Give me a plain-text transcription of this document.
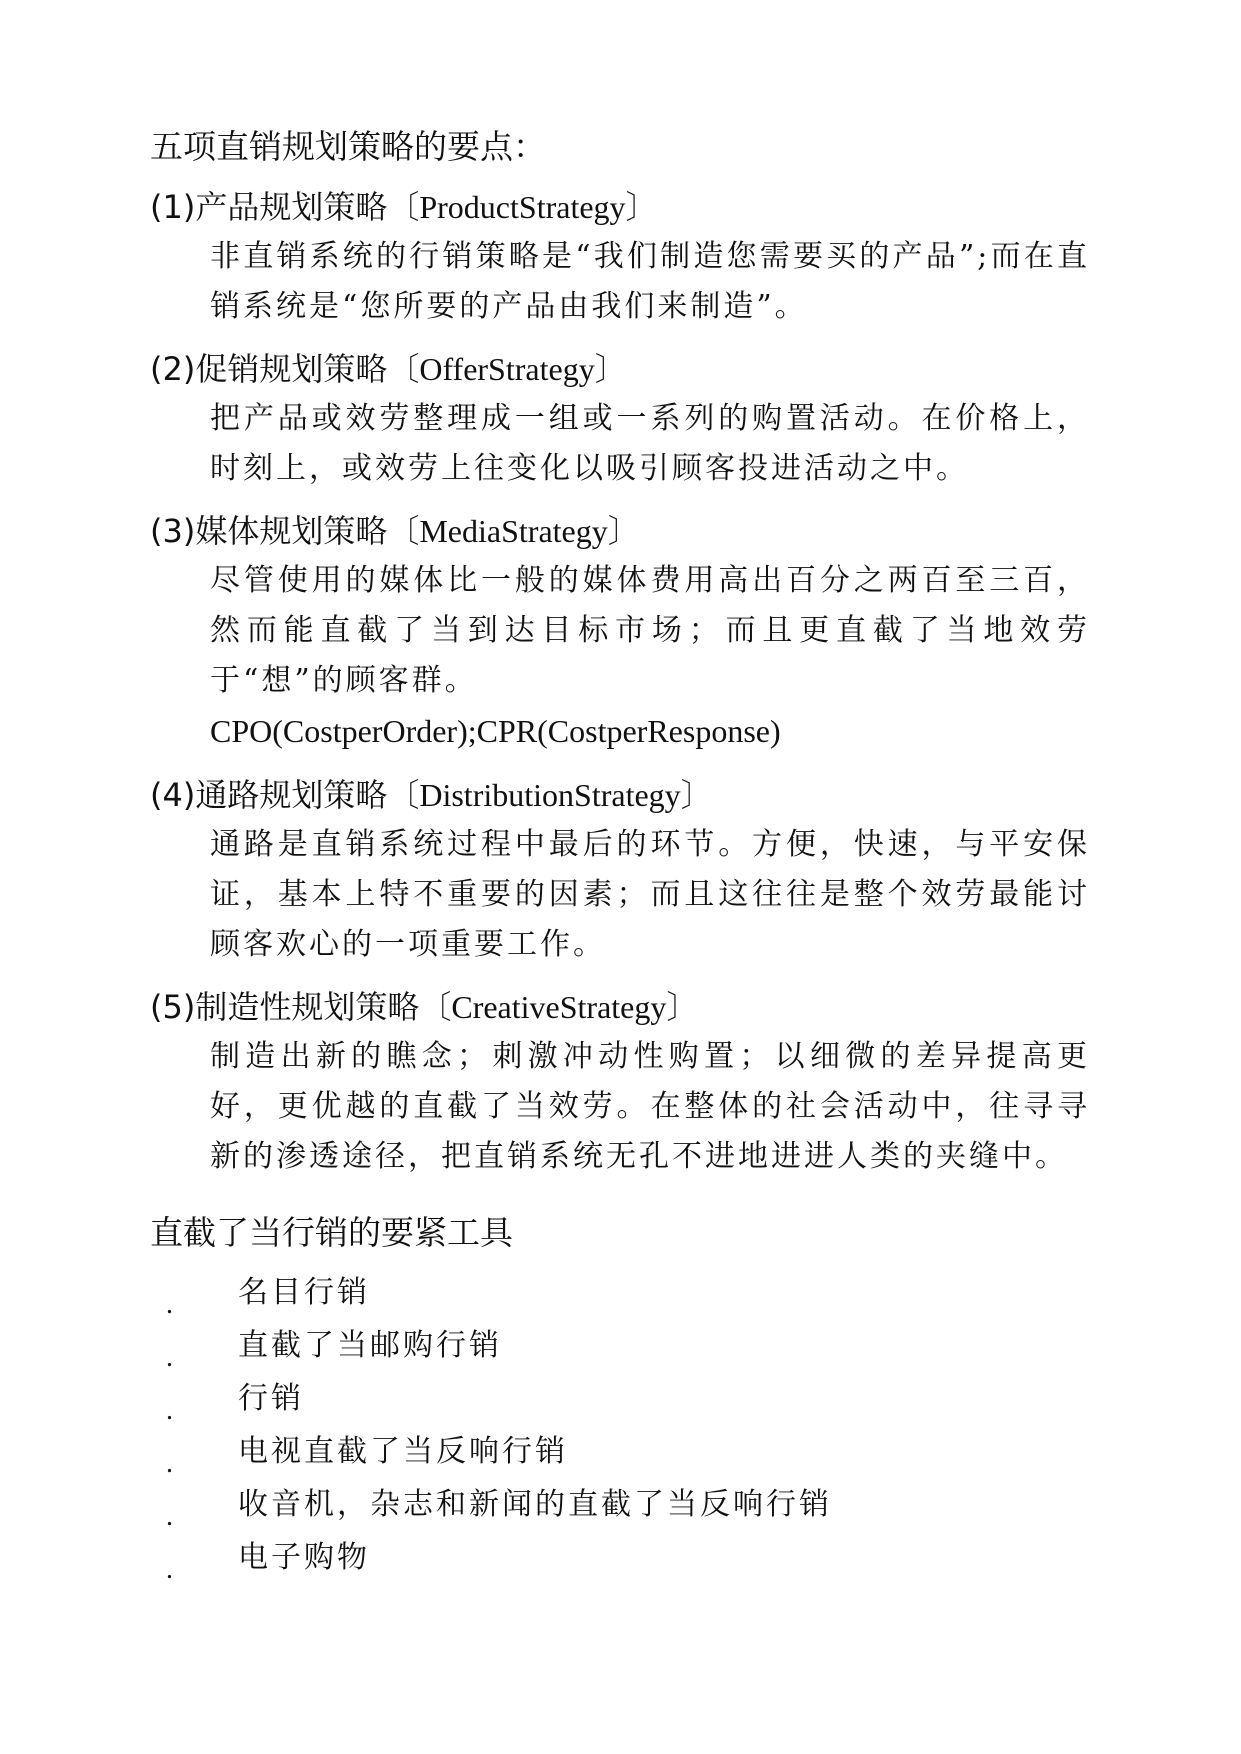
五项直销规划策略的要点：
(1)产品规划策略〔ProductStrategy〕
非直销系统的行销策略是“我们制造您需要买的产品”;而在直销系统是“您所要的产品由我们来制造”。
(2)促销规划策略〔OfferStrategy〕
把产品或效劳整理成一组或一系列的购置活动。在价格上，时刻上，或效劳上往变化以吸引顾客投进活动之中。
(3)媒体规划策略〔MediaStrategy〕
尽管使用的媒体比一般的媒体费用高出百分之两百至三百，然而能直截了当到达目标市场；而且更直截了当地效劳于“想”的顾客群。
CPO(CostperOrder);CPR(CostperResponse)
(4)通路规划策略〔DistributionStrategy〕
通路是直销系统过程中最后的环节。方便，快速，与平安保证，基本上特不重要的因素；而且这往往是整个效劳最能讨顾客欢心的一项重要工作。
(5)制造性规划策略〔CreativeStrategy〕
制造出新的瞧念；刺激冲动性购置；以细微的差异提高更好，更优越的直截了当效劳。在整体的社会活动中，往寻寻新的渗透途径，把直销系统无孔不进地进进人类的夹缝中。
直截了当行销的要紧工具
. 名目行销
. 直截了当邮购行销
. 行销
. 电视直截了当反响行销
. 收音机，杂志和新闻的直截了当反响行销
. 电子购物
